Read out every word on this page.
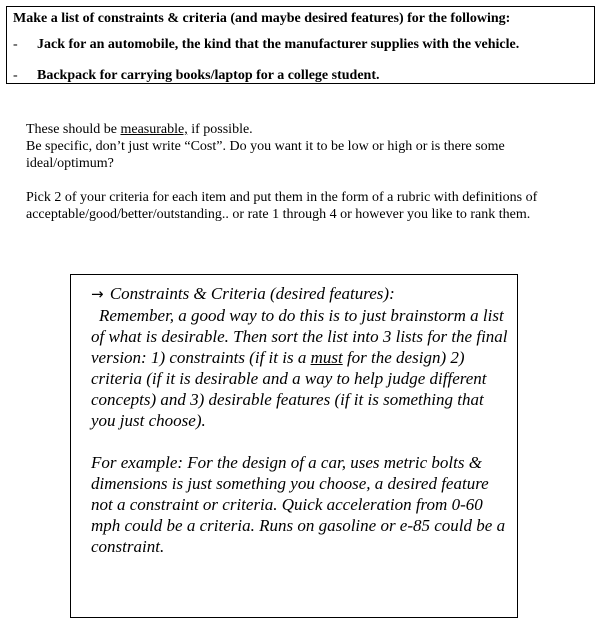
Make a list of constraints & criteria (and maybe desired features) for the following:

-	Jack for an automobile, the kind that the manufacturer supplies with the vehicle.
-	Backpack for carrying books/laptop for a college student.

These should be measurable, if possible.

Be specific, don’t just write “Cost”. Do you want it to be low or high or is there some ideal/optimum?

Pick 2 of your criteria for each item and put them in the form of a rubric with definitions of acceptable/good/better/outstanding.. or rate 1 through 4 or however you like to rank them.

→ Constraints & Criteria (desired features):

Remember, a good way to do this is to just brainstorm a list of what is desirable. Then sort the list into 3 lists for the final version: 1) constraints (if it is a must for the design) 2) criteria (if it is desirable and a way to help judge different concepts) and 3) desirable features (if it is something that you just choose).

For example: For the design of a car, uses metric bolts & dimensions is just something you choose, a desired feature not a constraint or criteria. Quick acceleration from 0-60 mph could be a criteria. Runs on gasoline or e-85 could be a constraint.
